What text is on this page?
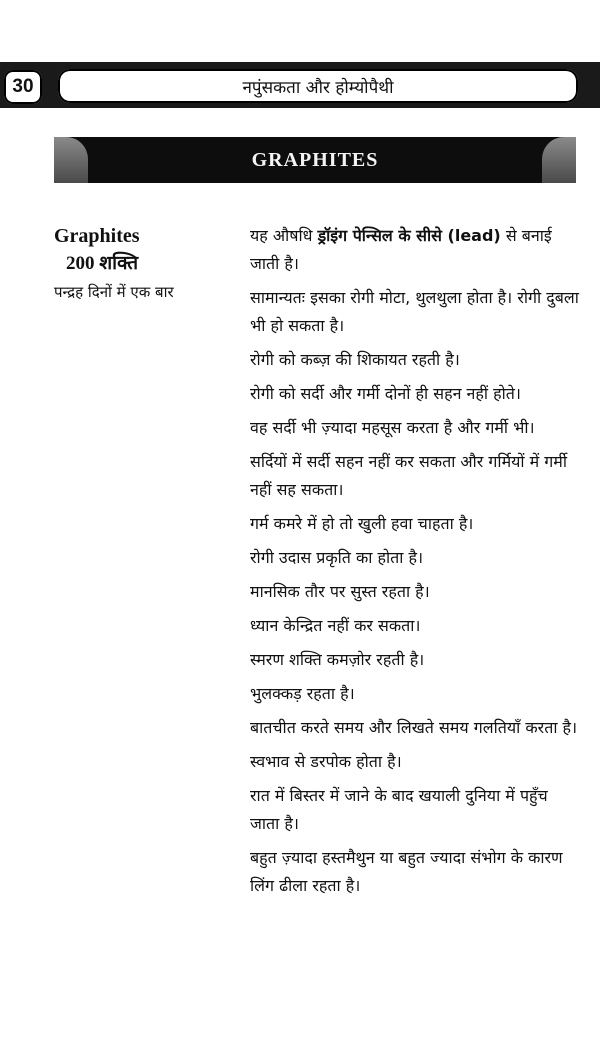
30	नपुंसकता और होम्योपैथी
GRAPHITES
Graphites
200 शक्ति
पन्द्रह दिनों में एक बार
यह औषधि ड्रॉइंग पेन्सिल के सीसे (lead) से बनाई जाती है।
सामान्यतः इसका रोगी मोटा, थुलथुला होता है। रोगी दुबला भी हो सकता है।
रोगी को कब्ज़ की शिकायत रहती है।
रोगी को सर्दी और गर्मी दोनों ही सहन नहीं होते।
वह सर्दी भी ज़्यादा महसूस करता है और गर्मी भी।
सर्दियों में सर्दी सहन नहीं कर सकता और गर्मियों में गर्मी नहीं सह सकता।
गर्म कमरे में हो तो खुली हवा चाहता है।
रोगी उदास प्रकृति का होता है।
मानसिक तौर पर सुस्त रहता है।
ध्यान केन्द्रित नहीं कर सकता।
स्मरण शक्ति कमज़ोर रहती है।
भुलक्कड़ रहता है।
बातचीत करते समय और लिखते समय गलतियाँ करता है।
स्वभाव से डरपोक होता है।
रात में बिस्तर में जाने के बाद खयाली दुनिया में पहुँच जाता है।
बहुत ज़्यादा हस्तमैथुन या बहुत ज्यादा संभोग के कारण लिंग ढीला रहता है।
